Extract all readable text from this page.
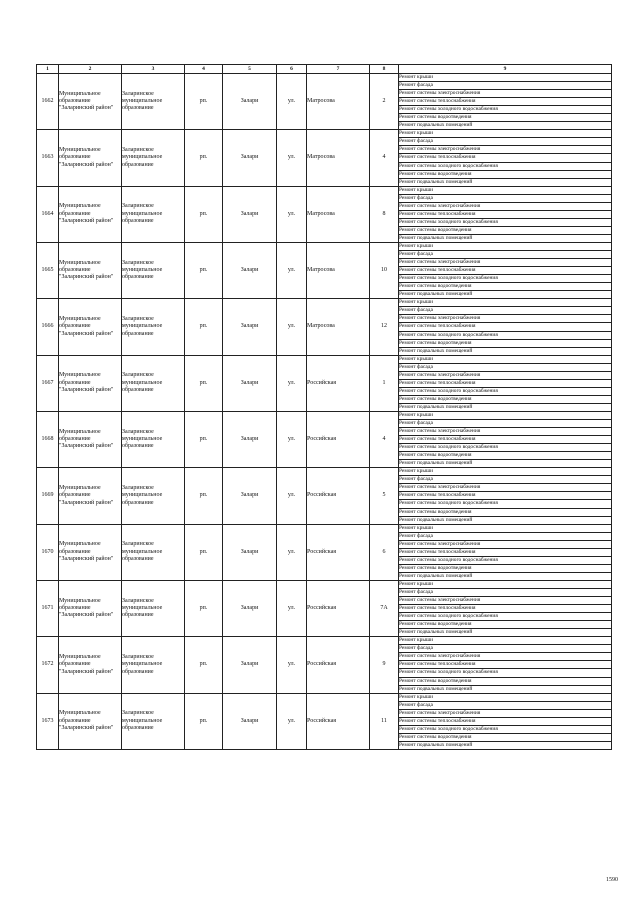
1	2	3	4	5	6	7	8	9
1662	Муниципальное образование "Заларинский район"	Заларинское муниципальное образование	рп.	Залари	ул.	Матросова	2	Ремонт крыши
								Ремонт фасада
								Ремонт системы электроснабжения
								Ремонт системы теплоснабжения
								Ремонт системы холодного водоснабжения
								Ремонт системы водоотведения
								Ремонт подвальных помещений
1663	Муниципальное образование "Заларинский район"	Заларинское муниципальное образование	рп.	Залари	ул.	Матросова	4	Ремонт крыши
								Ремонт фасада
								Ремонт системы электроснабжения
								Ремонт системы теплоснабжения
								Ремонт системы холодного водоснабжения
								Ремонт системы водоотведения
								Ремонт подвальных помещений
1664	Муниципальное образование "Заларинский район"	Заларинское муниципальное образование	рп.	Залари	ул.	Матросова	8	Ремонт крыши
								Ремонт фасада
								Ремонт системы электроснабжения
								Ремонт системы теплоснабжения
								Ремонт системы холодного водоснабжения
								Ремонт системы водоотведения
								Ремонт подвальных помещений
1665	Муниципальное образование "Заларинский район"	Заларинское муниципальное образование	рп.	Залари	ул.	Матросова	10	Ремонт крыши
								Ремонт фасада
								Ремонт системы электроснабжения
								Ремонт системы теплоснабжения
								Ремонт системы холодного водоснабжения
								Ремонт системы водоотведения
								Ремонт подвальных помещений
1666	Муниципальное образование "Заларинский район"	Заларинское муниципальное образование	рп.	Залари	ул.	Матросова	12	Ремонт крыши
								Ремонт фасада
								Ремонт системы электроснабжения
								Ремонт системы теплоснабжения
								Ремонт системы холодного водоснабжения
								Ремонт системы водоотведения
								Ремонт подвальных помещений
1667	Муниципальное образование "Заларинский район"	Заларинское муниципальное образование	рп.	Залари	ул.	Российская	1	Ремонт крыши
								Ремонт фасада
								Ремонт системы электроснабжения
								Ремонт системы теплоснабжения
								Ремонт системы холодного водоснабжения
								Ремонт системы водоотведения
								Ремонт подвальных помещений
1668	Муниципальное образование "Заларинский район"	Заларинское муниципальное образование	рп.	Залари	ул.	Российская	4	Ремонт крыши
								Ремонт фасада
								Ремонт системы электроснабжения
								Ремонт системы теплоснабжения
								Ремонт системы холодного водоснабжения
								Ремонт системы водоотведения
								Ремонт подвальных помещений
1669	Муниципальное образование "Заларинский район"	Заларинское муниципальное образование	рп.	Залари	ул.	Российская	5	Ремонт крыши
								Ремонт фасада
								Ремонт системы электроснабжения
								Ремонт системы теплоснабжения
								Ремонт системы холодного водоснабжения
								Ремонт системы водоотведения
								Ремонт подвальных помещений
1670	Муниципальное образование "Заларинский район"	Заларинское муниципальное образование	рп.	Залари	ул.	Российская	6	Ремонт крыши
								Ремонт фасада
								Ремонт системы электроснабжения
								Ремонт системы теплоснабжения
								Ремонт системы холодного водоснабжения
								Ремонт системы водоотведения
								Ремонт подвальных помещений
1671	Муниципальное образование "Заларинский район"	Заларинское муниципальное образование	рп.	Залари	ул.	Российская	7А	Ремонт крыши
								Ремонт фасада
								Ремонт системы электроснабжения
								Ремонт системы теплоснабжения
								Ремонт системы холодного водоснабжения
								Ремонт системы водоотведения
								Ремонт подвальных помещений
1672	Муниципальное образование "Заларинский район"	Заларинское муниципальное образование	рп.	Залари	ул.	Российская	9	Ремонт крыши
								Ремонт фасада
								Ремонт системы электроснабжения
								Ремонт системы теплоснабжения
								Ремонт системы холодного водоснабжения
								Ремонт системы водоотведения
								Ремонт подвальных помещений
1673	Муниципальное образование "Заларинский район"	Заларинское муниципальное образование	рп.	Залари	ул.	Российская	11	Ремонт крыши
								Ремонт фасада
								Ремонт системы электроснабжения
								Ремонт системы теплоснабжения
								Ремонт системы холодного водоснабжения
								Ремонт системы водоотведения
								Ремонт подвальных помещений
1590
